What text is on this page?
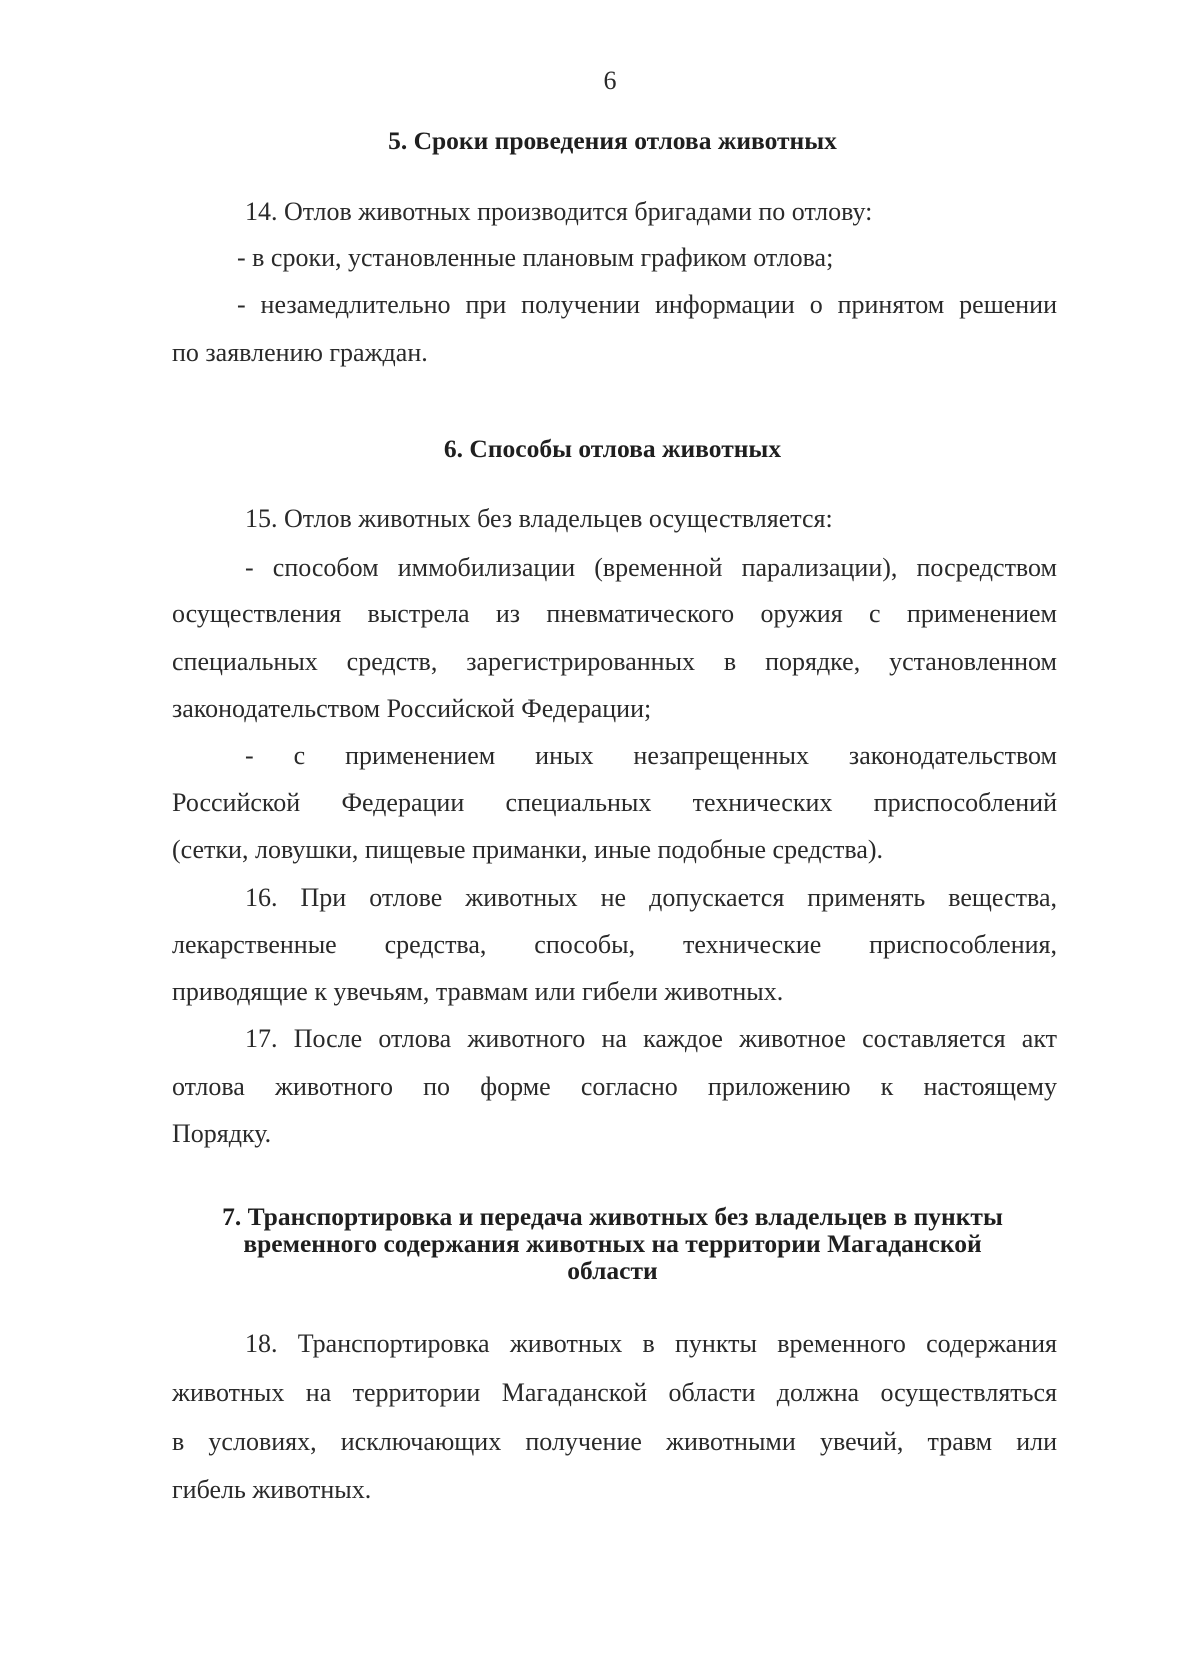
6
5. Сроки проведения отлова животных
14. Отлов животных производится бригадами по отлову:
- в сроки, установленные плановым графиком отлова;
- незамедлительно при получении информации о принятом решении
по заявлению граждан.
6. Способы отлова животных
15. Отлов животных без владельцев осуществляется:
- способом иммобилизации (временной парализации), посредством
осуществления выстрела из пневматического оружия с применением
специальных средств, зарегистрированных в порядке, установленном
законодательством Российской Федерации;
- с применением иных незапрещенных законодательством
Российской Федерации специальных технических приспособлений
(сетки, ловушки, пищевые приманки, иные подобные средства).
16. При отлове животных не допускается применять вещества,
лекарственные средства, способы, технические приспособления,
приводящие к увечьям, травмам или гибели животных.
17. После отлова животного на каждое животное составляется акт
отлова животного по форме согласно приложению к настоящему
Порядку.
7. Транспортировка и передача животных без владельцев в пункты
временного содержания животных на территории Магаданской
области
18. Транспортировка животных в пункты временного содержания
животных на территории Магаданской области должна осуществляться
в условиях, исключающих получение животными увечий, травм или
гибель животных.
